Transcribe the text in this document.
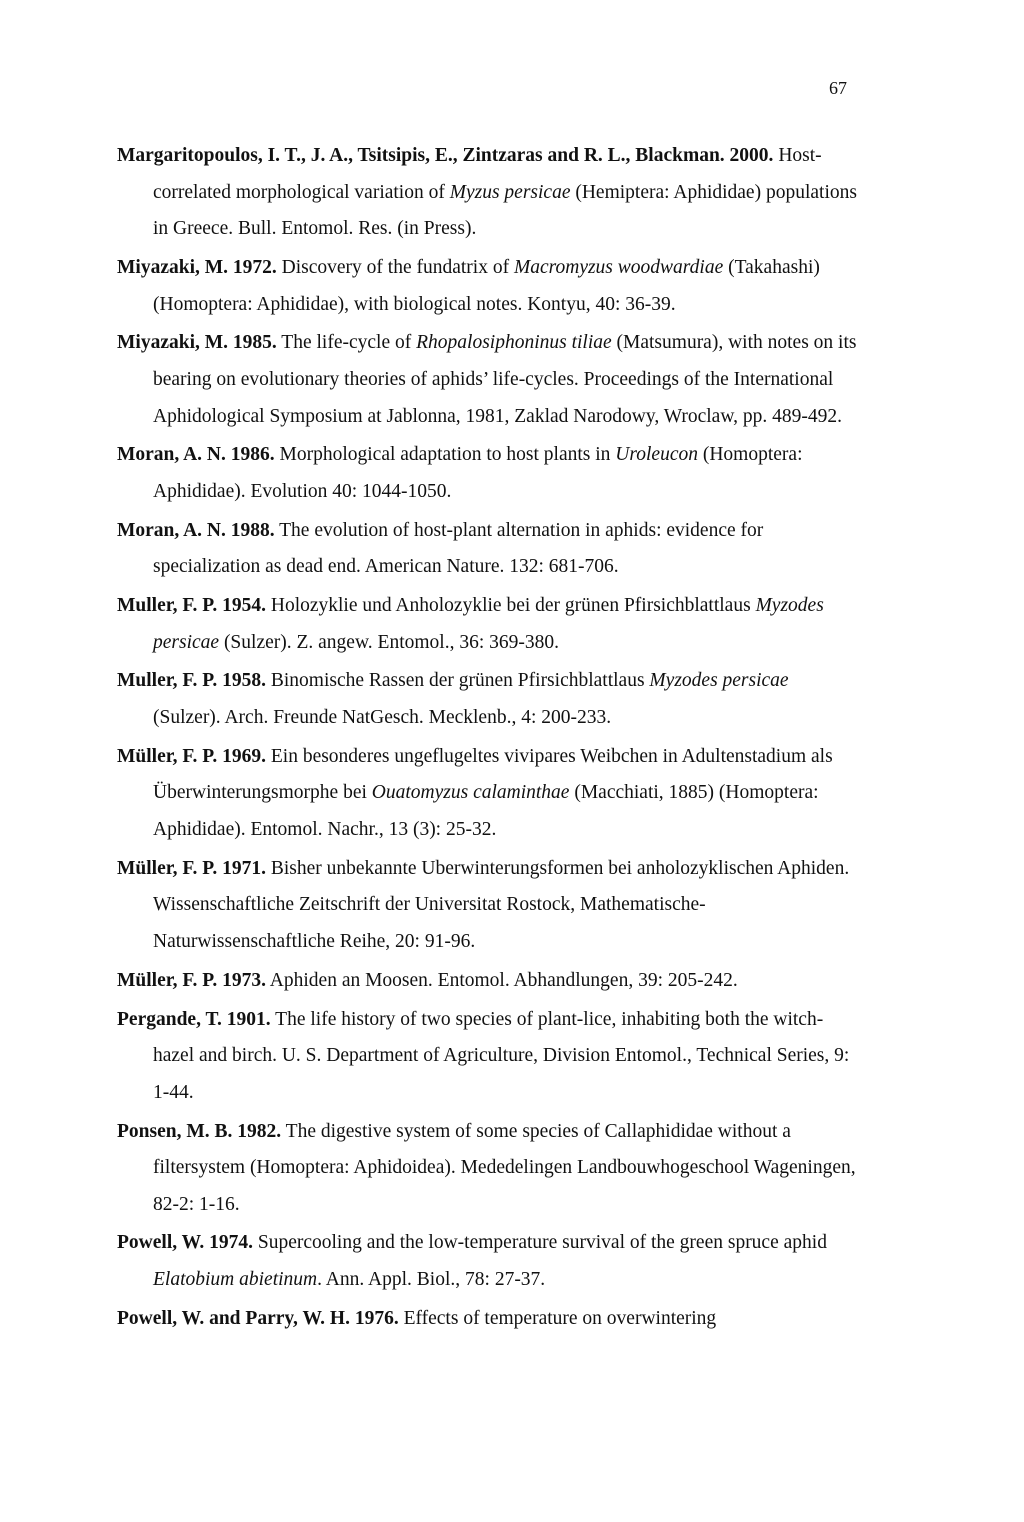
67

Margaritopoulos, I. T., J. A., Tsitsipis, E., Zintzaras and R. L., Blackman. 2000. Host-correlated morphological variation of Myzus persicae (Hemiptera: Aphididae) populations in Greece. Bull. Entomol. Res. (in Press).

Miyazaki, M. 1972. Discovery of the fundatrix of Macromyzus woodwardiae (Takahashi) (Homoptera: Aphididae), with biological notes. Kontyu, 40: 36-39.

Miyazaki, M. 1985. The life-cycle of Rhopalosiphoninus tiliae (Matsumura), with notes on its bearing on evolutionary theories of aphids’ life-cycles. Proceedings of the International Aphidological Symposium at Jablonna, 1981, Zaklad Narodowy, Wroclaw, pp. 489-492.

Moran, A. N. 1986. Morphological adaptation to host plants in Uroleucon (Homoptera: Aphididae). Evolution 40: 1044-1050.

Moran, A. N. 1988. The evolution of host-plant alternation in aphids: evidence for specialization as dead end. American Nature. 132: 681-706.

Muller, F. P. 1954. Holozyklie und Anholozyklie bei der grünen Pfirsichblattlaus Myzodes persicae (Sulzer). Z. angew. Entomol., 36: 369-380.

Muller, F. P. 1958. Binomische Rassen der grünen Pfirsichblattlaus Myzodes persicae (Sulzer). Arch. Freunde NatGesch. Mecklenb., 4: 200-233.

Müller, F. P. 1969. Ein besonderes ungeflugeltes vivipares Weibchen in Adultenstadium als Überwinterungsmorphe bei Ouatomyzus calaminthae (Macchiati, 1885) (Homoptera: Aphididae). Entomol. Nachr., 13 (3): 25-32.

Müller, F. P. 1971. Bisher unbekannte Uberwinterungsformen bei anholozyklischen Aphiden. Wissenschaftliche Zeitschrift der Universitat Rostock, Mathematische-Naturwissenschaftliche Reihe, 20: 91-96.

Müller, F. P. 1973. Aphiden an Moosen. Entomol. Abhandlungen, 39: 205-242.

Pergande, T. 1901. The life history of two species of plant-lice, inhabiting both the witch-hazel and birch. U. S. Department of Agriculture, Division Entomol., Technical Series, 9: 1-44.

Ponsen, M. B. 1982. The digestive system of some species of Callaphididae without a filtersystem (Homoptera: Aphidoidea). Mededelingen Landbouwhogeschool Wageningen, 82-2: 1-16.

Powell, W. 1974. Supercooling and the low-temperature survival of the green spruce aphid Elatobium abietinum. Ann. Appl. Biol., 78: 27-37.

Powell, W. and Parry, W. H. 1976. Effects of temperature on overwintering
